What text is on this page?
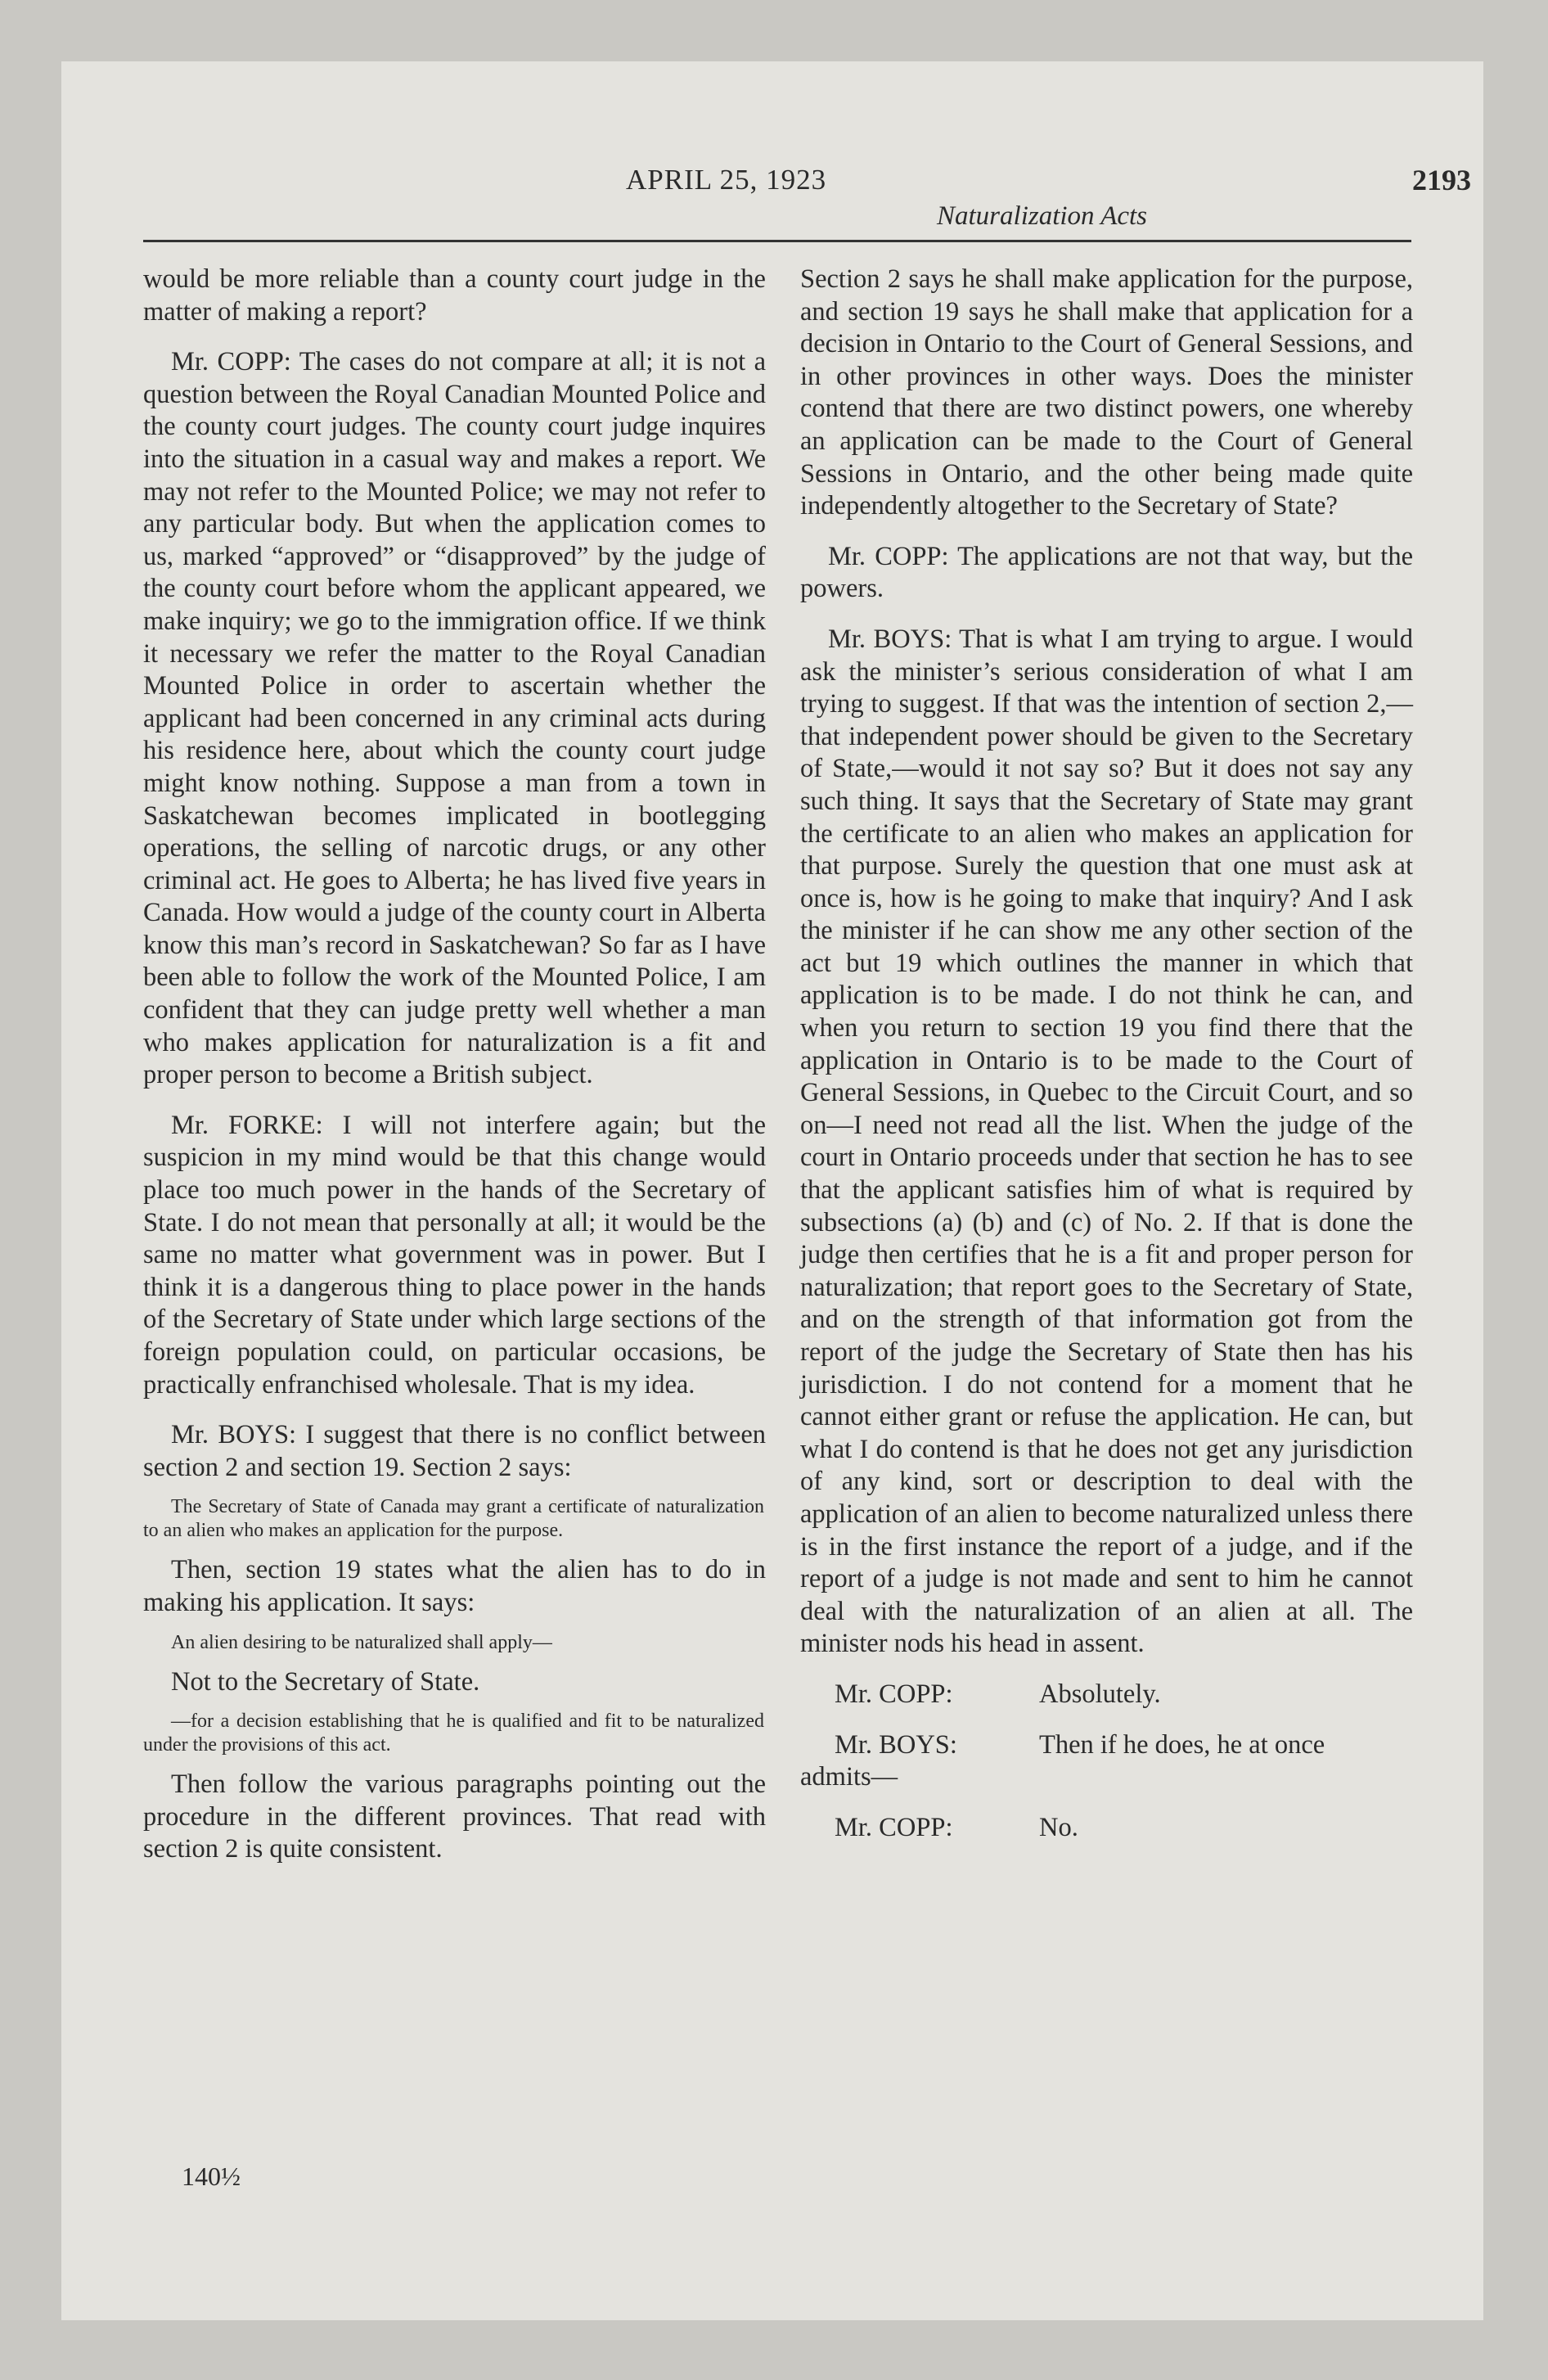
APRIL 25, 1923	2193
Naturalization Acts

would be more reliable than a county court judge in the matter of making a report?

Mr. COPP: The cases do not compare at all; it is not a question between the Royal Canadian Mounted Police and the county court judges. The county court judge inquires into the situation in a casual way and makes a report. We may not refer to the Mounted Police; we may not refer to any particular body. But when the application comes to us, marked “approved” or “disapproved” by the judge of the county court before whom the applicant appeared, we make inquiry; we go to the immigration office. If we think it necessary we refer the matter to the Royal Canadian Mounted Police in order to ascertain whether the applicant had been concerned in any criminal acts during his residence here, about which the county court judge might know nothing. Suppose a man from a town in Saskatchewan becomes implicated in bootlegging operations, the selling of narcotic drugs, or any other criminal act. He goes to Alberta; he has lived five years in Canada. How would a judge of the county court in Alberta know this man’s record in Saskatchewan? So far as I have been able to follow the work of the Mounted Police, I am confident that they can judge pretty well whether a man who makes application for naturalization is a fit and proper person to become a British subject.

Mr. FORKE: I will not interfere again; but the suspicion in my mind would be that this change would place too much power in the hands of the Secretary of State. I do not mean that personally at all; it would be the same no matter what government was in power. But I think it is a dangerous thing to place power in the hands of the Secretary of State under which large sections of the foreign population could, on particular occasions, be practically enfranchised wholesale. That is my idea.

Mr. BOYS: I suggest that there is no conflict between section 2 and section 19. Section 2 says:

The Secretary of State of Canada may grant a certificate of naturalization to an alien who makes an application for the purpose.

Then, section 19 states what the alien has to do in making his application. It says:

An alien desiring to be naturalized shall apply—

Not to the Secretary of State.

—for a decision establishing that he is qualified and fit to be naturalized under the provisions of this act.

Then follow the various paragraphs pointing out the procedure in the different provinces. That read with section 2 is quite consistent.

140½

Section 2 says he shall make application for the purpose, and section 19 says he shall make that application for a decision in Ontario to the Court of General Sessions, and in other provinces in other ways. Does the minister contend that there are two distinct powers, one whereby an application can be made to the Court of General Sessions in Ontario, and the other being made quite independently altogether to the Secretary of State?

Mr. COPP: The applications are not that way, but the powers.

Mr. BOYS: That is what I am trying to argue. I would ask the minister’s serious consideration of what I am trying to suggest. If that was the intention of section 2,—that independent power should be given to the Secretary of State,—would it not say so? But it does not say any such thing. It says that the Secretary of State may grant the certificate to an alien who makes an application for that purpose. Surely the question that one must ask at once is, how is he going to make that inquiry? And I ask the minister if he can show me any other section of the act but 19 which outlines the manner in which that application is to be made. I do not think he can, and when you return to section 19 you find there that the application in Ontario is to be made to the Court of General Sessions, in Quebec to the Circuit Court, and so on—I need not read all the list. When the judge of the court in Ontario proceeds under that section he has to see that the applicant satisfies him of what is required by subsections (a) (b) and (c) of No. 2. If that is done the judge then certifies that he is a fit and proper person for naturalization; that report goes to the Secretary of State, and on the strength of that information got from the report of the judge the Secretary of State then has his jurisdiction. I do not contend for a moment that he cannot either grant or refuse the application. He can, but what I do contend is that he does not get any jurisdiction of any kind, sort or description to deal with the application of an alien to become naturalized unless there is in the first instance the report of a judge, and if the report of a judge is not made and sent to him he cannot deal with the naturalization of an alien at all. The minister nods his head in assent.

Mr. COPP:	Absolutely.
Mr. BOYS:	Then if he does, he at once

admits—

Mr. COPP:	No.
